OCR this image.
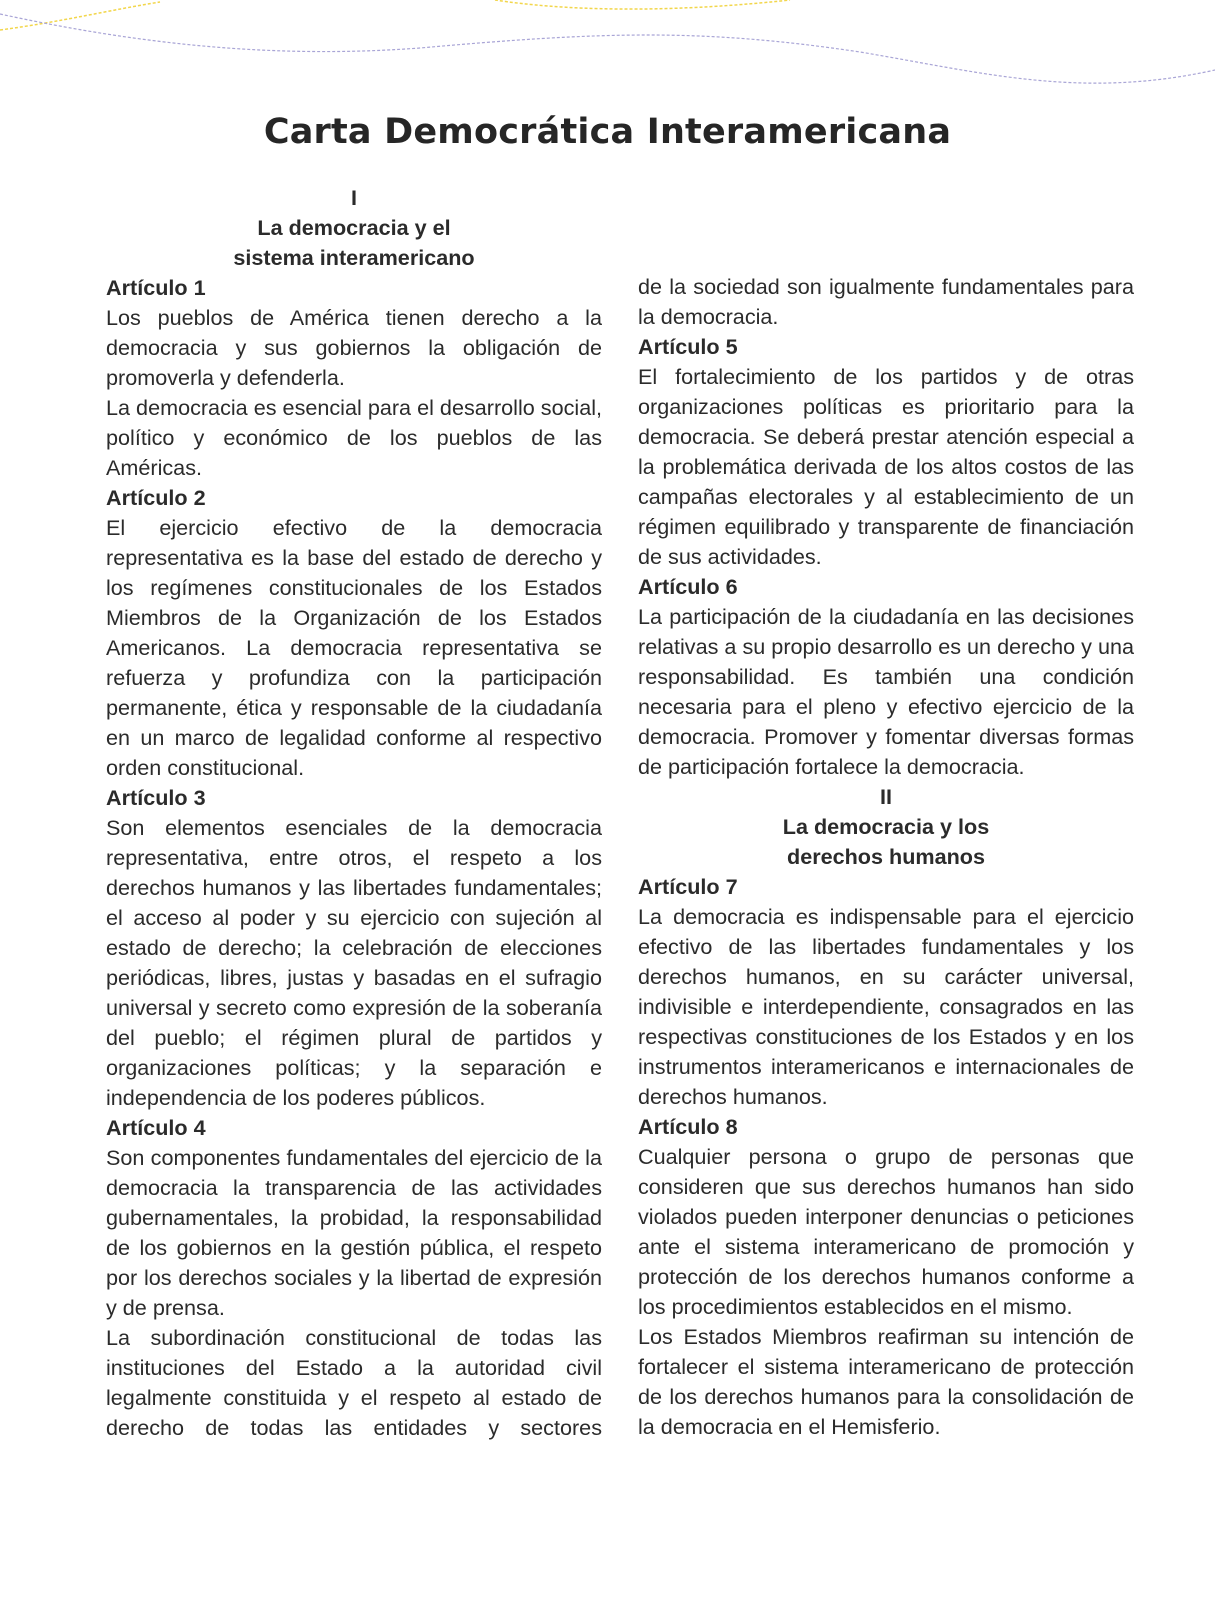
Carta Democrática Interamericana

I

La democracia y el

sistema interamericano

Artículo 1

Los pueblos de América tienen derecho a la democracia y sus gobiernos la obligación de promoverla y defenderla.

La democracia es esencial para el desarrollo social, político y económico de los pueblos de las Américas.

Artículo 2

El ejercicio efectivo de la democracia representativa es la base del estado de derecho y los regímenes constitucionales de los Estados Miembros de la Organización de los Estados Americanos. La democracia representativa se refuerza y profundiza con la participación permanente, ética y responsable de la ciudadanía en un marco de legalidad conforme al respectivo orden constitucional.

Artículo 3

Son elementos esenciales de la democracia representativa, entre otros, el respeto a los derechos humanos y las libertades fundamentales; el acceso al poder y su ejercicio con sujeción al estado de derecho; la celebración de elecciones periódicas, libres, justas y basadas en el sufragio universal y secreto como expresión de la soberanía del pueblo; el régimen plural de partidos y organizaciones políticas; y la separación e independencia de los poderes públicos.

Artículo 4

Son componentes fundamentales del ejercicio de la democracia la transparencia de las actividades gubernamentales, la probidad, la responsabilidad de los gobiernos en la gestión pública, el respeto por los derechos sociales y la libertad de expresión y de prensa.

La subordinación constitucional de todas las instituciones del Estado a la autoridad civil legalmente constituida y el respeto al estado de derecho de todas las entidades y sectores

de la sociedad son igualmente fundamentales para la democracia.

Artículo 5

El fortalecimiento de los partidos y de otras organizaciones políticas es prioritario para la democracia. Se deberá prestar atención especial a la problemática derivada de los altos costos de las campañas electorales y al establecimiento de un régimen equilibrado y transparente de financiación de sus actividades.

Artículo 6

La participación de la ciudadanía en las decisiones relativas a su propio desarrollo es un derecho y una responsabilidad. Es también una condición necesaria para el pleno y efectivo ejercicio de la democracia. Promover y fomentar diversas formas de participación fortalece la democracia.

II

La democracia y los

derechos humanos

Artículo 7

La democracia es indispensable para el ejercicio efectivo de las libertades fundamentales y los derechos humanos, en su carácter universal, indivisible e interdependiente, consagrados en las respectivas constituciones de los Estados y en los instrumentos interamericanos e internacionales de derechos humanos.

Artículo 8

Cualquier persona o grupo de personas que consideren que sus derechos humanos han sido violados pueden interponer denuncias o peticiones ante el sistema interamericano de promoción y protección de los derechos humanos conforme a los procedimientos establecidos en el mismo.

Los Estados Miembros reafirman su intención de fortalecer el sistema interamericano de protección de los derechos humanos para la consolidación de la democracia en el Hemisferio.
